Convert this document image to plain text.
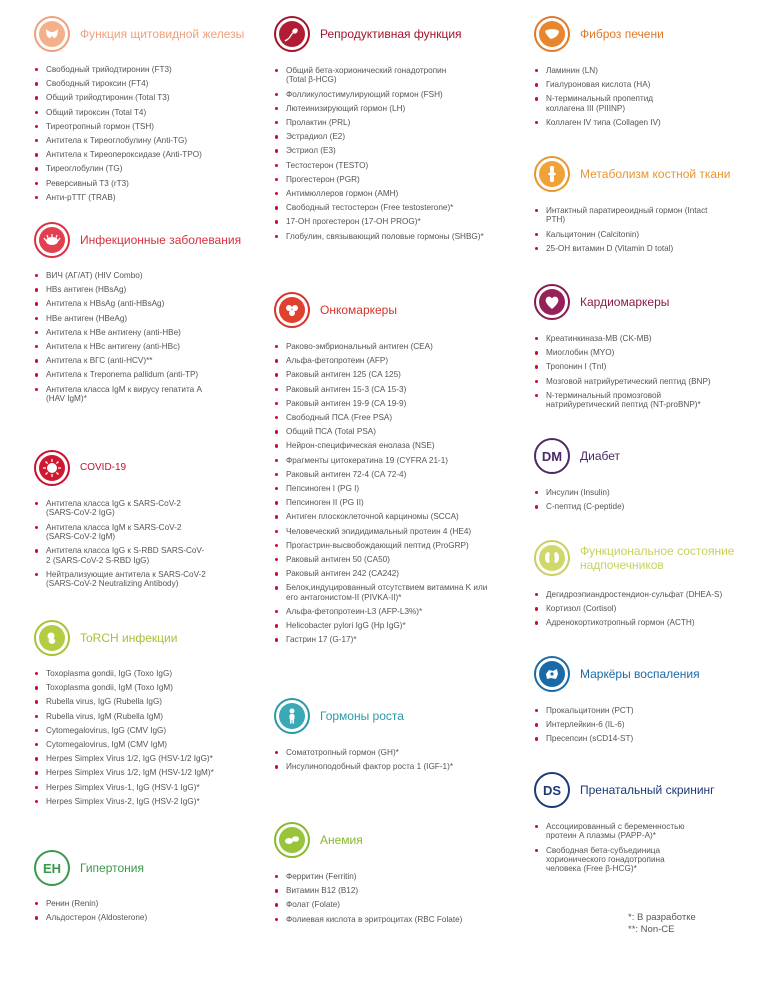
Функция щитовидной железы
Свободный трийодтиронин (FT3)
Свободный тироксин (FT4)
Общий трийодтиронин (Total T3)
Общий тироксин (Total T4)
Тиреотропный гормон (TSH)
Антитела к Тиреоглобулину (Anti-TG)
Антитела к Тиреопероксидазе (Anti-TPO)
Тиреоглобулин (TG)
Реверсивный T3 (rT3)
Анти-рТТГ (TRAB)
Инфекционные заболевания
ВИЧ (АГ/АТ) (HIV Combo)
HBs антиген (HBsAg)
Антитела к HBsAg (anti-HBsAg)
HBe антиген (HBeAg)
Антитела к HBe антигену (anti-HBe)
Антитела к HBc антигену (anti-HBc)
Антитела к ВГС (anti-HCV)**
Антитела к Treponema pallidum (anti-TP)
Антитела класса IgM к вирусу гепатита А (HAV IgM)*
COVID-19
Антитела класса IgG к SARS-CoV-2 (SARS-CoV-2 IgG)
Антитела класса IgM к SARS-CoV-2 (SARS-CoV-2 IgM)
Антитела класса IgG к S-RBD SARS-CoV-2 (SARS-CoV-2 S-RBD IgG)
Нейтрализующие антитела к SARS-CoV-2 (SARS-CoV-2 Neutralizing Antibody)
ToRCH инфекции
Toxoplasma gondii, IgG (Toxo IgG)
Toxoplasma gondii, IgM (Toxo IgM)
Rubella virus, IgG (Rubella IgG)
Rubella virus, IgM (Rubella IgM)
Cytomegalovirus, IgG (CMV IgG)
Cytomegalovirus, IgM (CMV IgM)
Herpes Simplex Virus 1/2, IgG (HSV-1/2 IgG)*
Herpes Simplex Virus 1/2, IgM (HSV-1/2 IgM)*
Herpes Simplex Virus-1, IgG (HSV-1 IgG)*
Herpes Simplex Virus-2, IgG (HSV-2 IgG)*
EH	Гипертония
Ренин (Renin)
Альдостерон (Aldosterone)
Репродуктивная функция
Общий бета-хорионический гонадотропин (Total β-HCG)
Фолликулостимулирующий гормон (FSH)
Лютеинизирующий гормон (LH)
Пролактин (PRL)
Эстрадиол (E2)
Эстриол (E3)
Тестостерон (TESTO)
Прогестерон (PGR)
Антимюллеров гормон (AMH)
Свободный тестостерон (Free testosterone)*
17-OH прогестерон (17-OH PROG)*
Глобулин, связывающий половые гормоны (SHBG)*
Онкомаркеры
Раково-эмбриональный антиген (CEA)
Альфа-фетопротеин (AFP)
Раковый антиген 125 (CA 125)
Раковый антиген 15-3 (CA 15-3)
Раковый антиген 19-9 (CA 19-9)
Свободный ПСА (Free PSA)
Общий ПСА (Total PSA)
Нейрон-специфическая енолаза (NSE)
Фрагменты цитокератина 19 (CYFRA 21-1)
Раковый антиген 72-4 (CA 72-4)
Пепсиноген I (PG I)
Пепсиноген II (PG II)
Антиген плоскоклеточной карциномы (SCCA)
Человеческий эпидидимальный протеин 4 (HE4)
Прогастрин-высвобождающий пептид (ProGRP)
Раковый антиген 50 (CA50)
Раковый антиген 242 (CA242)
Белок,индуцированный отсутствием витамина K или его антагонистом-II (PIVKA-II)*
Альфа-фетопротеин-L3 (AFP-L3%)*
Helicobacter pylori IgG (Hp IgG)*
Гастрин 17 (G-17)*
Гормоны роста
Соматотропный гормон (GH)*
Инсулиноподобный фактор роста 1 (IGF-1)*
Анемия
Ферритин (Ferritin)
Витамин B12 (B12)
Фолат (Folate)
Фолиевая кислота в эритроцитах (RBC Folate)
Фиброз печени
Ламинин (LN)
Гиалуроновая кислота (HA)
N-терминальный пропептид коллагена III (PIIINP)
Коллаген IV типа (Collagen IV)
Метаболизм костной ткани
Интактный паратиреоидный гормон (Intact PTH)
Кальцитонин (Calcitonin)
25-OH витамин D (Vitamin D total)
Кардиомаркеры
Креатинкиназа-MB (CK-MB)
Миоглобин (MYO)
Тропонин I (TnI)
Мозговой натрийуретический пептид (BNP)
N-терминальный промозговой натрийуретический пептид (NT-proBNP)*
DM Диабет
Инсулин (Insulin)
С-пептид (С-peptide)
Функциональное состояние надпочечников
Дегидроэпиандростендион-сульфат (DHEA-S)
Кортизол (Cortisol)
Адренокортикотропный гормон (ACTH)
Маркёры воспаления
Прокальцитонин (PCT)
Интерлейкин-6 (IL-6)
Пресепсин (sCD14-ST)
DS	Пренатальный скрининг
Ассоциированный с беременностью протеин А плазмы (PAPP-A)*
Свободная бета-субъединица хорионического гонадотропина человека (Free β-HCG)*
*: В разработке
**: Non-CE
